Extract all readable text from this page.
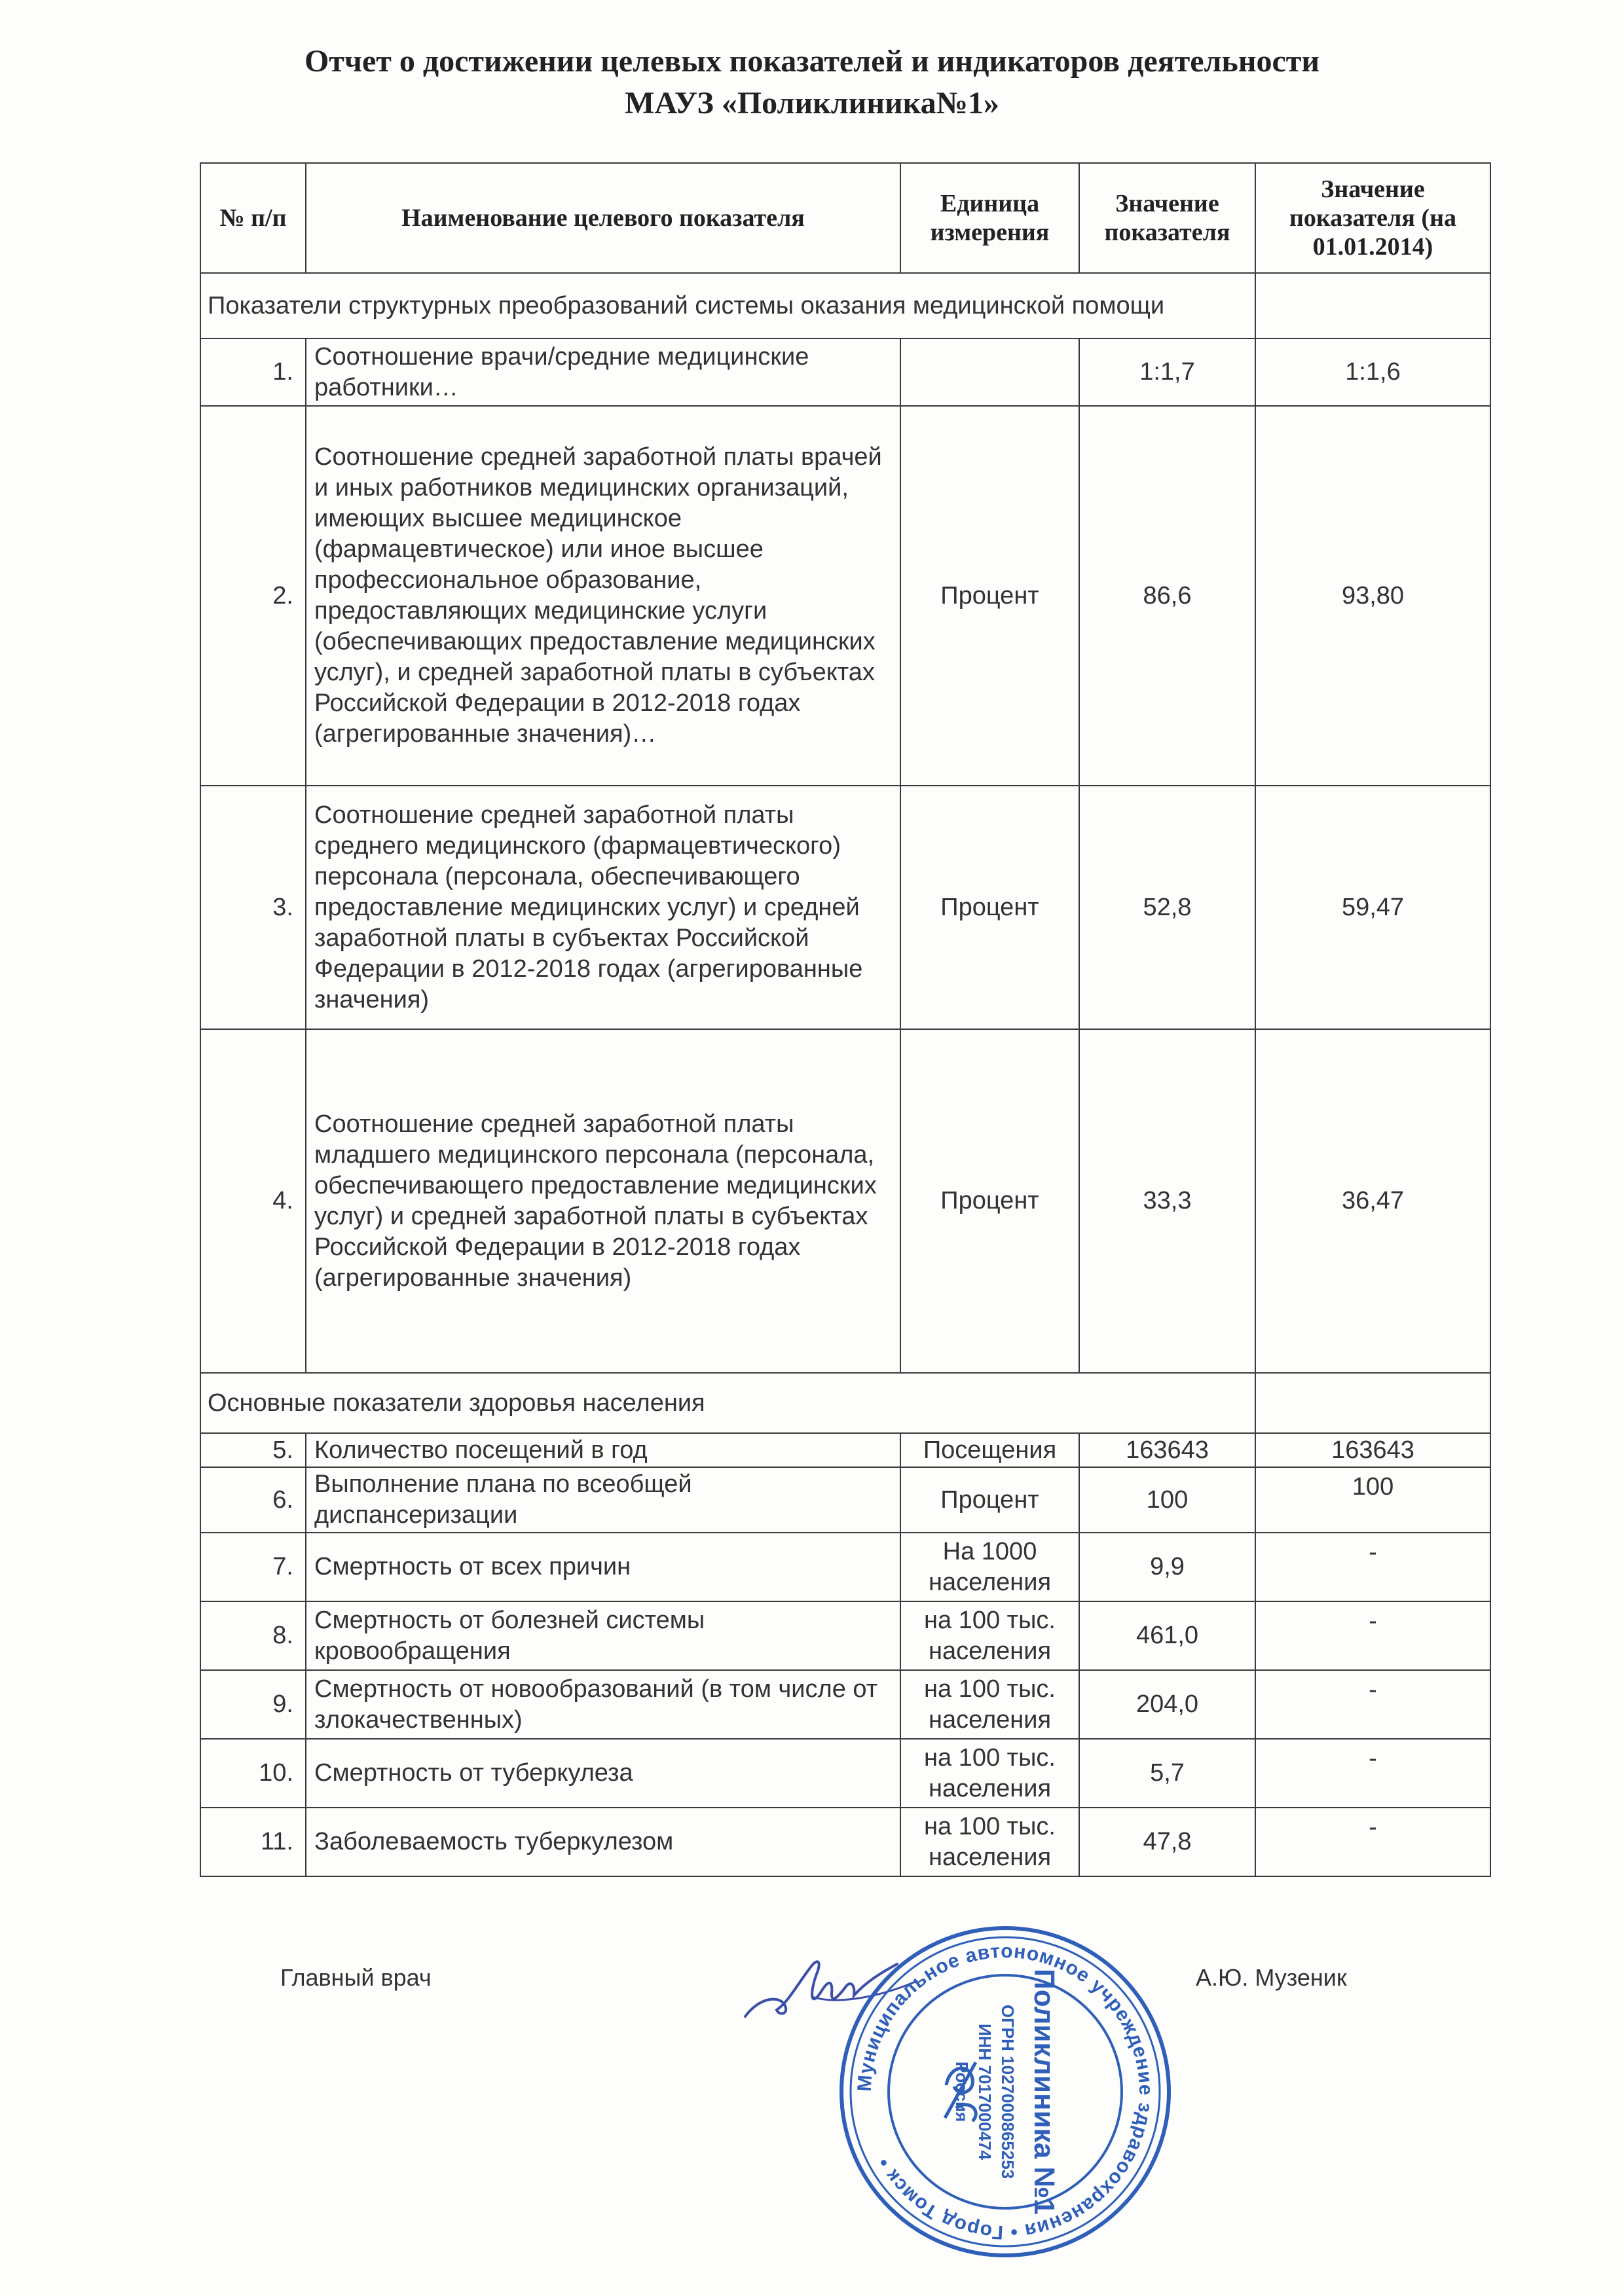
Отчет о достижении целевых показателей и индикаторов деятельности
МАУЗ «Поликлиника№1»
№ п/п	Наименование целевого показателя	Единица измерения	Значение показателя	Значение показателя (на 01.01.2014)
Показатели структурных преобразований системы оказания медицинской помощи				
1.	Соотношение врачи/средние медицинские работники…		1:1,7	1:1,6
2.	Соотношение средней заработной платы врачей и иных работников медицинских организаций, имеющих высшее медицинское (фармацевтическое) или иное высшее профессиональное образование, предоставляющих медицинские услуги (обеспечивающих предоставление медицинских услуг), и средней заработной платы в субъектах Российской Федерации в 2012-2018 годах (агрегированные значения)…	Процент	86,6	93,80
3.	Соотношение средней заработной платы среднего медицинского (фармацевтического) персонала (персонала, обеспечивающего предоставление медицинских услуг) и средней заработной платы в субъектах Российской Федерации в 2012-2018 годах (агрегированные значения)	Процент	52,8	59,47
4.	Соотношение средней заработной платы младшего медицинского персонала (персонала, обеспечивающего предоставление медицинских услуг) и средней заработной платы в субъектах Российской Федерации в 2012-2018 годах (агрегированные значения)	Процент	33,3	36,47
Основные показатели здоровья населения				
5.	Количество посещений в год	Посещения	163643	163643
6.	Выполнение плана по всеобщей диспансеризации	Процент	100	100
7.	Смертность от всех причин	На 1000 населения	9,9	-
8.	Смертность от болезней системы кровообращения	на 100 тыс. населения	461,0	-
9.	Смертность от новообразований (в том числе от злокачественных)	на 100 тыс. населения	204,0	-
10.	Смертность от туберкулеза	на 100 тыс. населения	5,7	-
11.	Заболеваемость туберкулезом	на 100 тыс. населения	47,8	-
Главный врач	А.Ю. Музеник
Муниципальное автономное учреждение здравоохранения • Город Томск •	Поликлиника №1
ОГРН 1027000865253
ИНН 7017000474
Россия
